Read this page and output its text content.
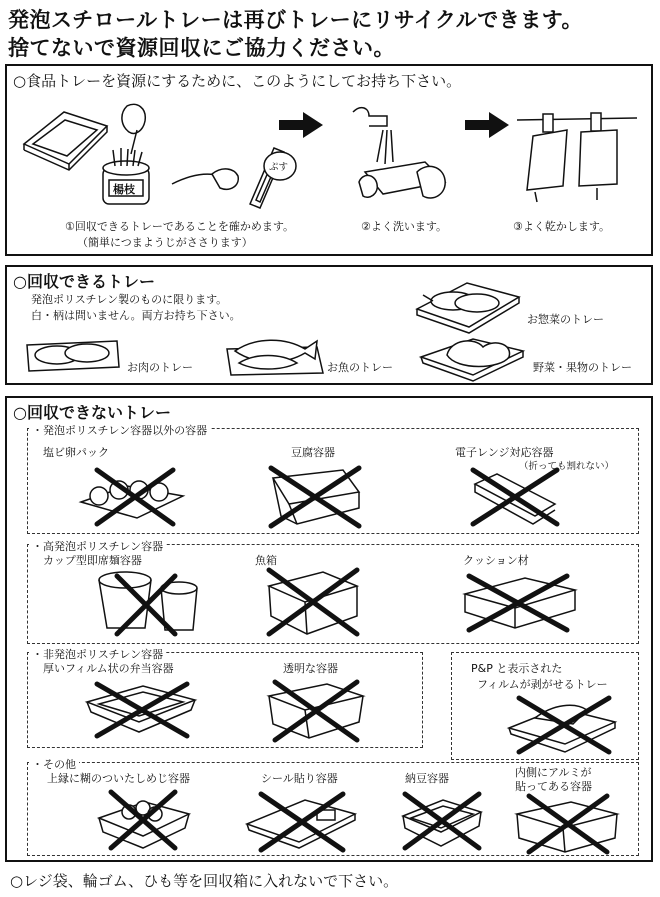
発泡スチロールトレーは再びトレーにリサイクルできます。
捨てないで資源回収にご協力ください。
○食品トレーを資源にするために、このようにしてお持ち下さい。
楊枝
ぷす
①回収できるトレーであることを確かめます。
（簡単につまようじがささります）
②よく洗います。	③よく乾かします。
○回収できるトレー
発泡ポリスチレン製のものに限ります。
白・柄は問いません。両方お持ち下さい。	お惣菜のトレー
お肉のトレー	お魚のトレー	野菜・果物のトレー
○回収できないトレー
・発泡ポリスチレン容器以外の容器
塩ビ卵パック	豆腐容器	電子レンジ対応容器
（折っても割れない）
・高発泡ポリスチレン容器
カップ型即席麺容器	魚箱	クッション材
・非発泡ポリスチレン容器
厚いフィルム状の弁当容器	透明な容器	P&P と表示された
フィルムが剥がせるトレー
・その他
上縁に糊のついたしめじ容器	シール貼り容器	納豆容器	内側にアルミが
貼ってある容器
○レジ袋、輪ゴム、ひも等を回収箱に入れないで下さい。
